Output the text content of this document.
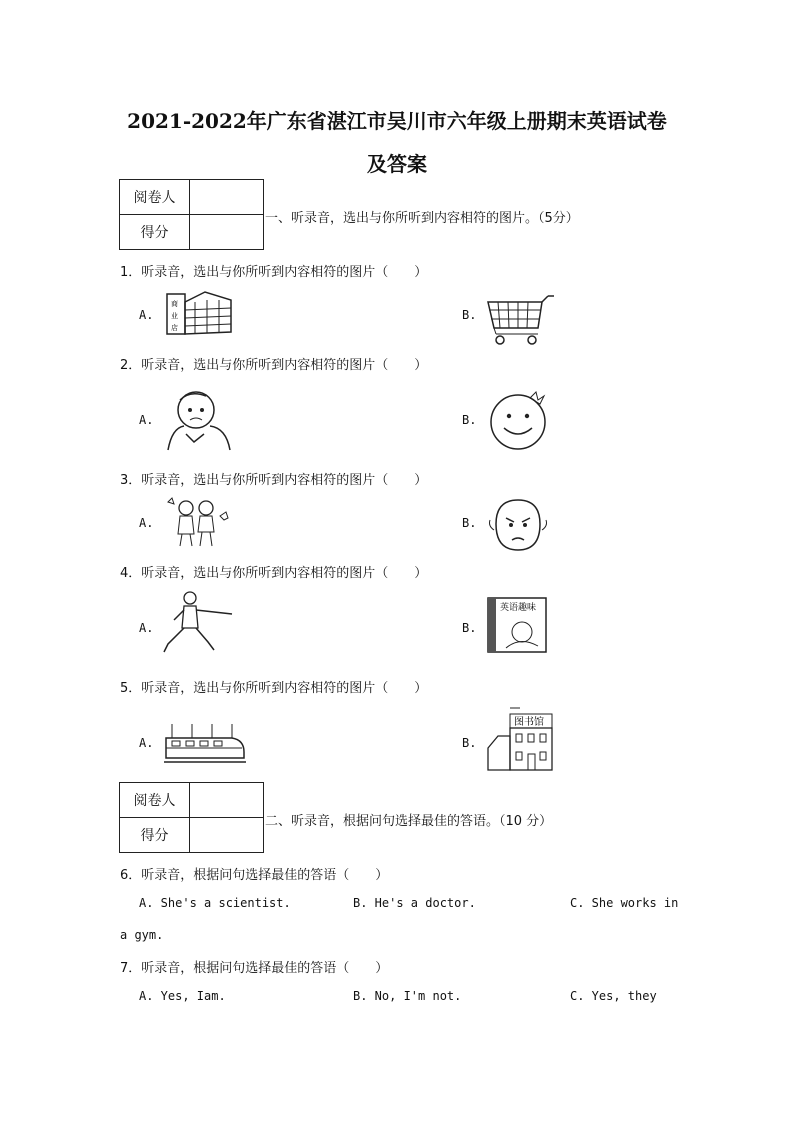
2021-2022年广东省湛江市吴川市六年级上册期末英语试卷
及答案
阅卷人	
得分	
一、听录音，选出与你所听到内容相符的图片。（5分）
1．听录音，选出与你所听到内容相符的图片（　　）
A.
商
业
店
B.
2．听录音，选出与你所听到内容相符的图片（　　）
A.	B.
3．听录音，选出与你所听到内容相符的图片（　　）
A.	B.
4．听录音，选出与你所听到内容相符的图片（　　）
A.	B.
英语趣味
5．听录音，选出与你所听到内容相符的图片（　　）
A.	B.
图书馆
阅卷人	
得分	
二、听录音，根据问句选择最佳的答语。（10 分）
6．听录音，根据问句选择最佳的答语（　　）
A. She's a scientist.	B. He's a doctor.	C. She works in
a gym.
7．听录音，根据问句选择最佳的答语（　　）
A. Yes, Iam.	B. No, I'm not.	C. Yes, they
